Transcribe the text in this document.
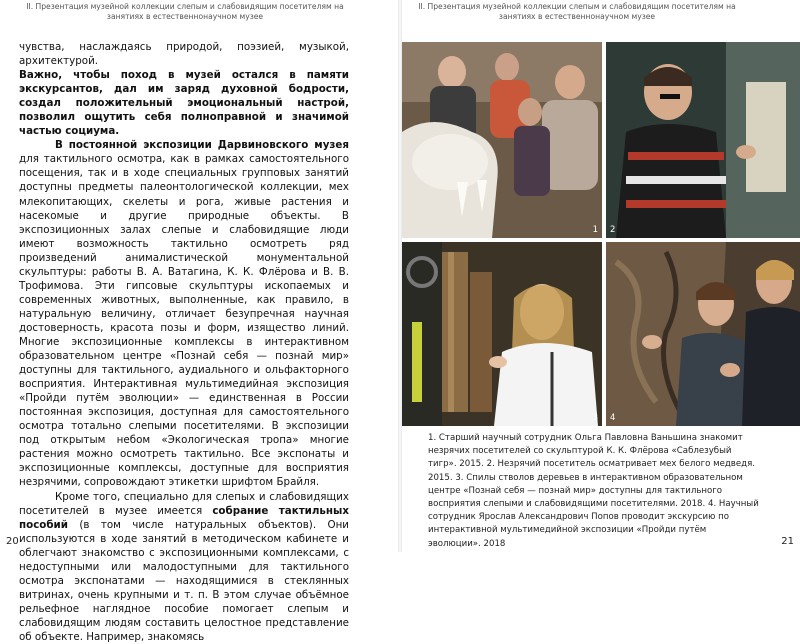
II. Презентация музейной коллекции слепым и слабовидящим посетителям на занятиях в естественнонаучном музее

чувства, наслаждаясь природой, поэзией, музыкой, архитектурой.

Важно, чтобы поход в музей остался в памяти экскурсантов, дал им заряд духовной бодрости, создал положительный эмоциональный настрой, позволил ощутить себя полноправной и значимой частью социума.

В постоянной экспозиции Дарвиновского музея для тактильного осмотра, как в рамках самостоятельного посещения, так и в ходе специальных групповых занятий доступны предметы палеонтологической коллекции, мех млекопитающих, скелеты и рога, живые растения и насекомые и другие природные объекты. В экспозиционных залах слепые и слабовидящие люди имеют возможность тактильно осмотреть ряд произведений анималистической монументальной скульптуры: работы В. А. Ватагина, К. К. Флёрова и В. В. Трофимова. Эти гипсовые скульптуры ископаемых и современных животных, выполненные, как правило, в натуральную величину, отличает безупречная научная достоверность, красота позы и форм, изящество линий. Многие экспозиционные комплексы в интерактивном образовательном центре «Познай себя — познай мир» доступны для тактильного, аудиального и ольфакторного восприятия. Интерактивная мультимедийная экспозиция «Пройди путём эволюции» — единственная в России постоянная экспозиция, доступная для самостоятельного осмотра тотально слепыми посетителями. В экспозиции под открытым небом «Экологическая тропа» многие растения можно осмотреть тактильно. Все экспонаты и экспозиционные комплексы, доступные для восприятия незрячими, сопровождают этикетки шрифтом Брайля.

Кроме того, специально для слепых и слабовидящих посетителей в музее имеется собрание тактильных пособий (в том числе натуральных объектов). Они используются в ходе занятий в методическом кабинете и облегчают знакомство с экспозиционными комплексами, с недоступными или малодоступными для тактильного осмотра экспонатами — находящимися в стеклянных витринах, очень крупными и т. п. В этом случае объёмное рельефное наглядное пособие помогает слепым и слабовидящим людям составить целостное представление об объекте. Например, знакомясь

20
II. Презентация музейной коллекции слепым и слабовидящим посетителям на занятиях в естественнонаучном музее
1 2
3 4
1. Старший научный сотрудник Ольга Павловна Ваньшина знакомит незрячих посетителей со скульптурой К. К. Флёрова «Саблезубый тигр». 2015. 2. Незрячий посетитель осматривает мех белого медведя. 2015. 3. Спилы стволов деревьев в интерактивном образовательном центре «Познай себя — познай мир» доступны для тактильного восприятия слепыми и слабовидящими посетителями. 2018. 4. Научный сотрудник Ярослав Александрович Попов проводит экскурсию по интерактивной мультимедийной экспозиции «Пройди путём эволюции». 2018	21
